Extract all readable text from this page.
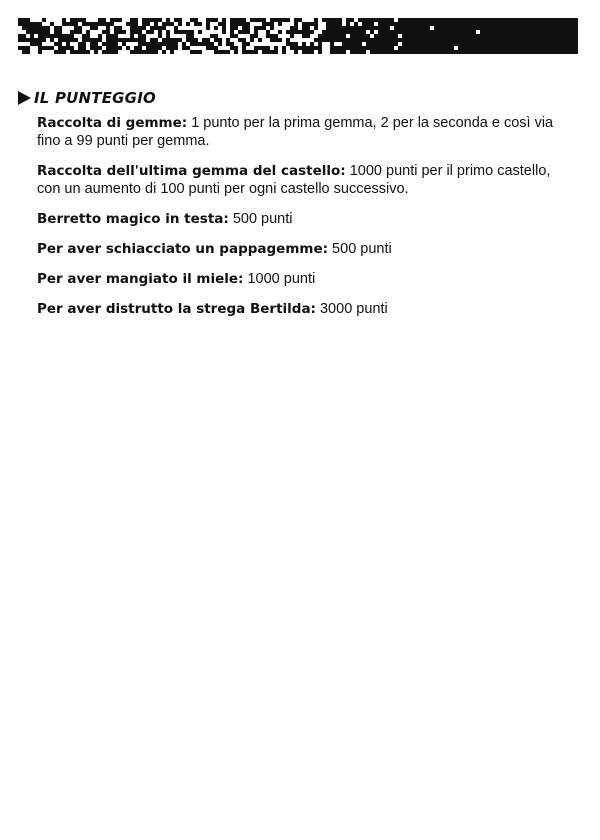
IL PUNTEGGIO
Raccolta di gemme: 1 punto per la prima gemma, 2 per la seconda e così via fino a 99 punti per gemma.
Raccolta dell'ultima gemma del castello: 1000 punti per il primo castello, con un aumento di 100 punti per ogni castello successivo.
Berretto magico in testa: 500 punti
Per aver schiacciato un pappagemme: 500 punti
Per aver mangiato il miele: 1000 punti
Per aver distrutto la strega Bertilda: 3000 punti
